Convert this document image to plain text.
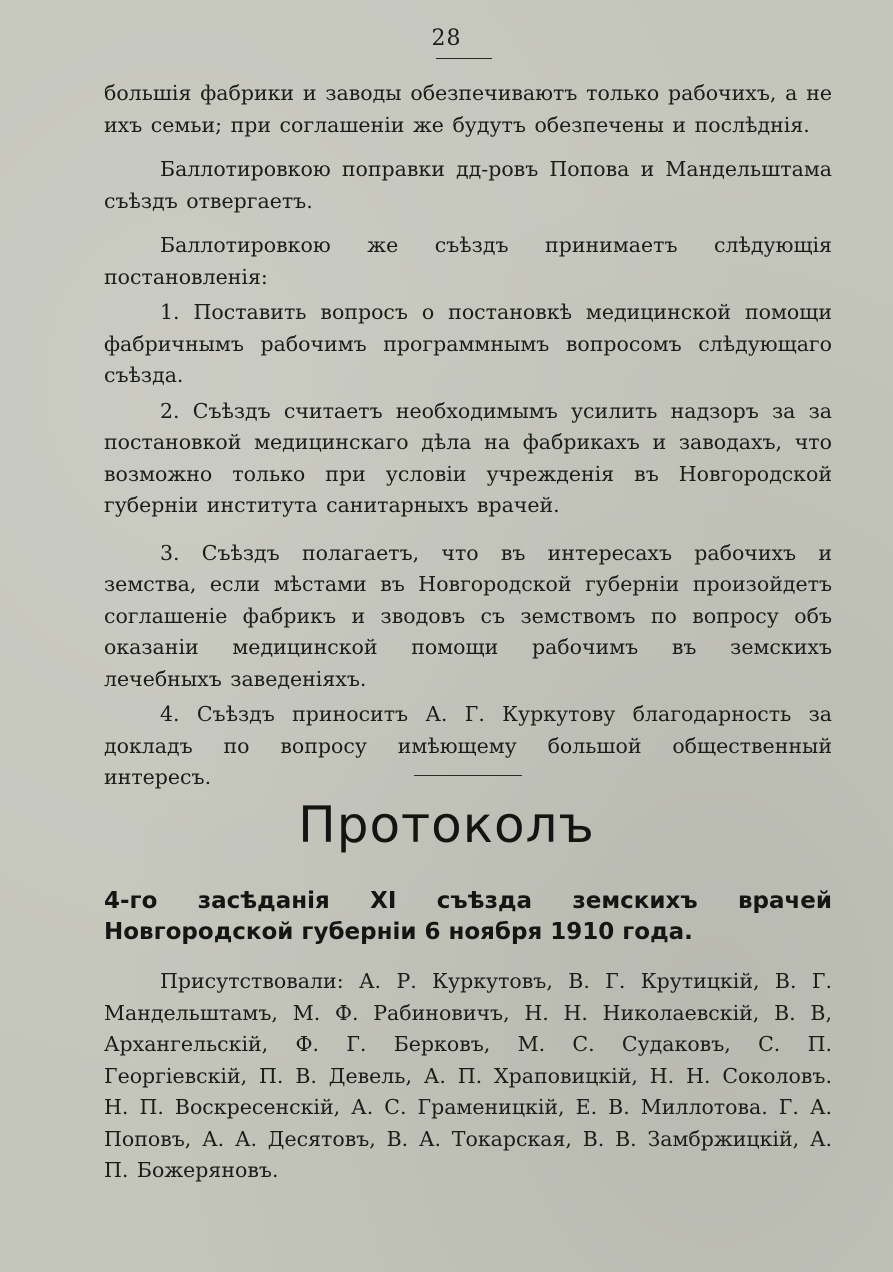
28

большія фабрики и заводы обезпечиваютъ только рабочихъ, а не ихъ семьи; при соглашеніи же будутъ обезпечены и послѣднія.

Баллотировкою поправки дд-ровъ Попова и Мандельштама съѣздъ отвергаетъ.

Баллотировкою же съѣздъ принимаетъ слѣдующія постановленія:

1. Поставить вопросъ о постановкѣ медицинской помощи фабричнымъ рабочимъ программнымъ вопросомъ слѣдующаго съѣзда.

2. Съѣздъ считаетъ необходимымъ усилить надзоръ за за постановкой медицинскаго дѣла на фабрикахъ и заводахъ, что возможно только при условіи учрежденія въ Новгородской губерніи института санитарныхъ врачей.

3. Съѣздъ полагаетъ, что въ интересахъ рабочихъ и земства, если мѣстами въ Новгородской губерніи произойдетъ соглашеніе фабрикъ и зводовъ съ земствомъ по вопросу объ оказаніи медицинской помощи рабочимъ въ земскихъ лечебныхъ заведеніяхъ.

4. Съѣздъ приноситъ А. Г. Куркутову благодарность за докладъ по вопросу имѣющему большой общественный интересъ.

Протоколъ

4-го засѣданія XI съѣзда земскихъ врачей Новгородской губерніи 6 ноября 1910 года.

Присутствовали: А. Р. Куркутовъ, В. Г. Крутицкій, В. Г. Мандельштамъ, М. Ф. Рабиновичъ, Н. Н. Николаевскій, В. В, Архангельскій, Ф. Г. Берковъ, М. С. Судаковъ, С. П. Георгіевскій, П. В. Девель, А. П. Храповицкій, Н. Н. Соколовъ. Н. П. Воскресенскій, А. С. Граменицкій, Е. В. Миллотова. Г. А. Поповъ, А. А. Десятовъ, В. А. Токарская, В. В. Замбржицкій, А. П. Божеряновъ.
